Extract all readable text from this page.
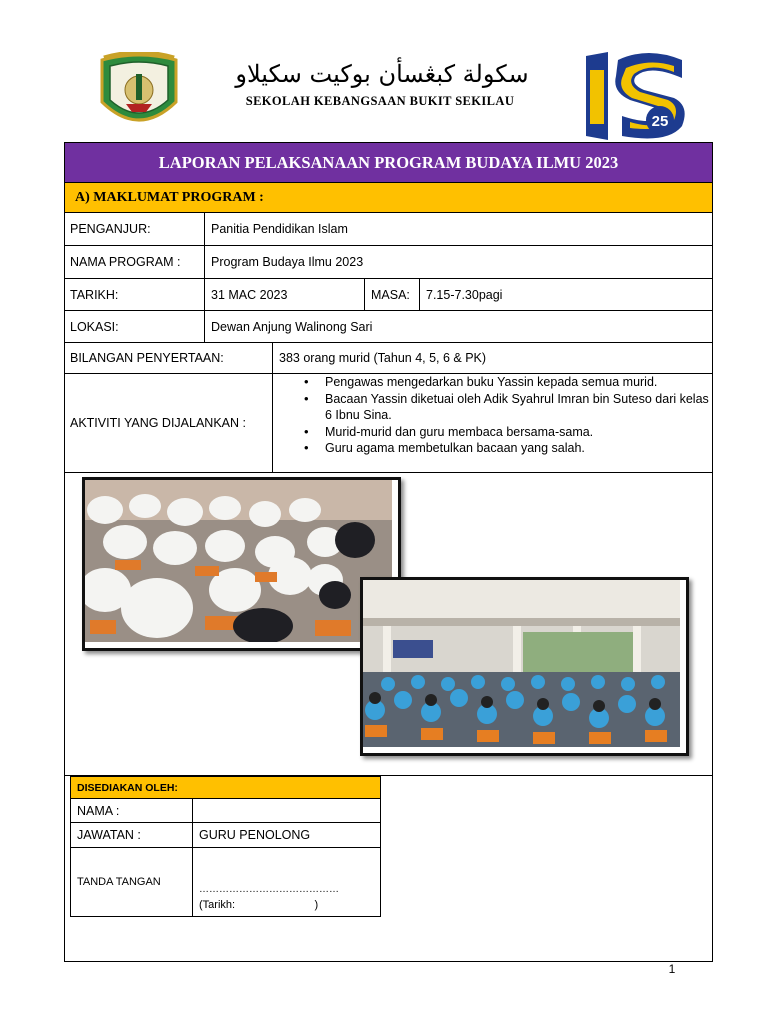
سكولة كبڠسأن بوکيت سکيلاو
SEKOLAH KEBANGSAAN BUKIT SEKILAU
25
LAPORAN PELAKSANAAN PROGRAM BUDAYA ILMU 2023
A) MAKLUMAT PROGRAM :
PENGANJUR:	Panitia Pendidikan Islam
NAMA PROGRAM :	Program Budaya Ilmu 2023
TARIKH:	31 MAC 2023	MASA:	7.15-7.30pagi
LOKASI:	Dewan Anjung Walinong Sari
BILANGAN PENYERTAAN:	383 orang murid (Tahun 4, 5, 6 & PK)
AKTIVITI YANG DIJALANKAN :
• Pengawas mengedarkan buku Yassin kepada semua murid.
• Bacaan Yassin diketuai oleh Adik Syahrul Imran bin Suteso dari kelas 6 Ibnu Sina.
• Murid-murid dan guru membaca bersama-sama.
• Guru agama membetulkan bacaan yang salah.
DISEDIAKAN OLEH:
NAMA :
JAWATAN :	GURU PENOLONG
TANDA TANGAN
……………………………………
(Tarikh:                          )
1
